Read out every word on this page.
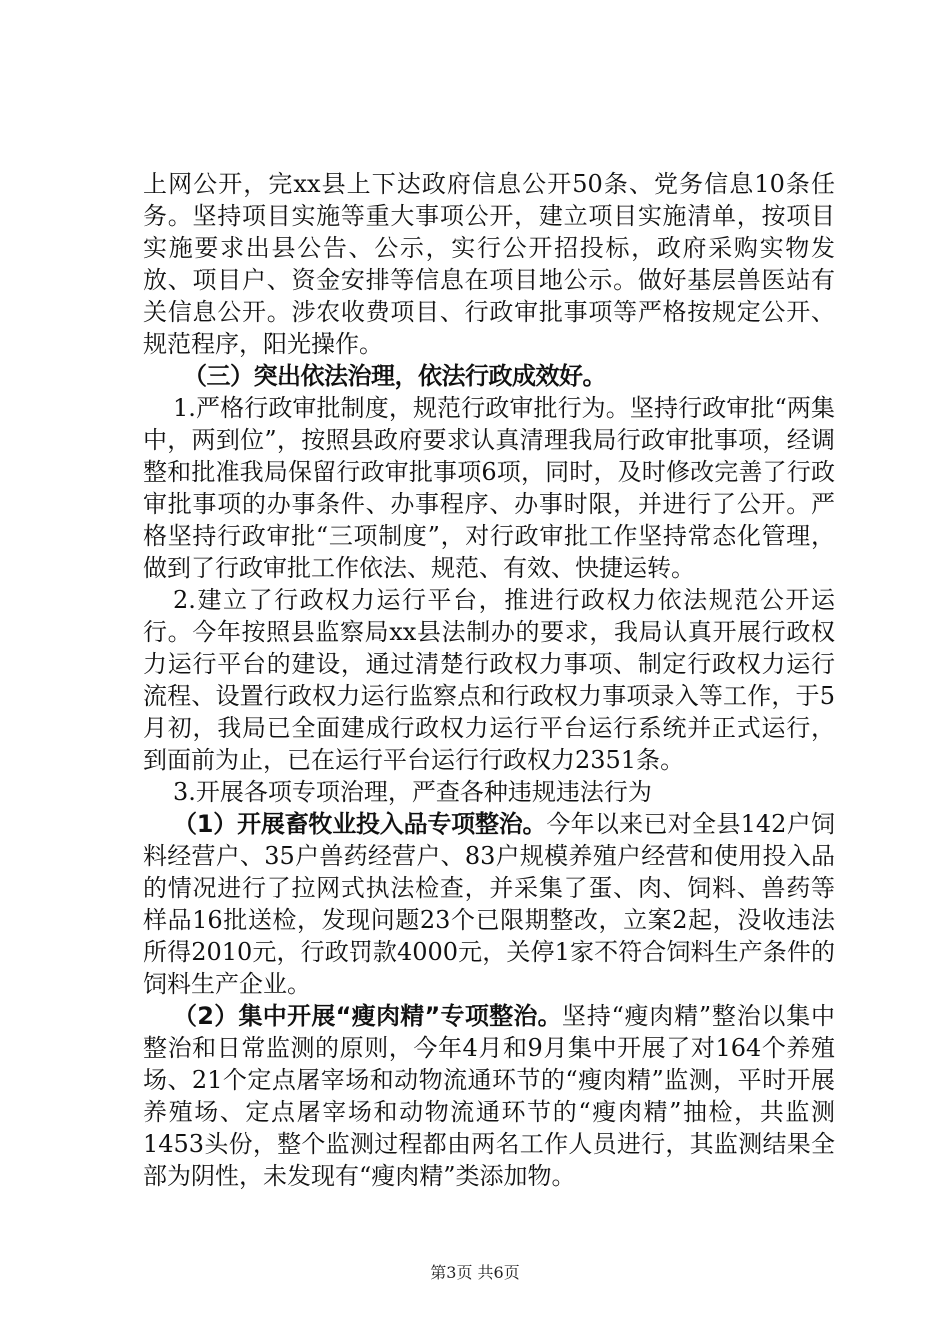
上网公开，完xx县上下达政府信息公开50条、党务信息10条任务。坚持项目实施等重大事项公开，建立项目实施清单，按项目实施要求出县公告、公示，实行公开招投标，政府采购实物发放、项目户、资金安排等信息在项目地公示。做好基层兽医站有关信息公开。涉农收费项目、行政审批事项等严格按规定公开、规范程序，阳光操作。

（三）突出依法治理，依法行政成效好。

1.严格行政审批制度，规范行政审批行为。坚持行政审批“两集中，两到位”，按照县政府要求认真清理我局行政审批事项，经调整和批准我局保留行政审批事项6项，同时，及时修改完善了行政审批事项的办事条件、办事程序、办事时限，并进行了公开。严格坚持行政审批“三项制度”，对行政审批工作坚持常态化管理，做到了行政审批工作依法、规范、有效、快捷运转。

2.建立了行政权力运行平台，推进行政权力依法规范公开运行。今年按照县监察局xx县法制办的要求，我局认真开展行政权力运行平台的建设，通过清楚行政权力事项、制定行政权力运行流程、设置行政权力运行监察点和行政权力事项录入等工作，于5月初，我局已全面建成行政权力运行平台运行系统并正式运行，到面前为止，已在运行平台运行行政权力2351条。

3.开展各项专项治理，严查各种违规违法行为

（1）开展畜牧业投入品专项整治。今年以来已对全县142户饲料经营户、35户兽药经营户、83户规模养殖户经营和使用投入品的情况进行了拉网式执法检查，并采集了蛋、肉、饲料、兽药等样品16批送检，发现问题23个已限期整改，立案2起，没收违法所得2010元，行政罚款4000元，关停1家不符合饲料生产条件的饲料生产企业。

（2）集中开展“瘦肉精”专项整治。坚持“瘦肉精”整治以集中整治和日常监测的原则，今年4月和9月集中开展了对164个养殖场、21个定点屠宰场和动物流通环节的“瘦肉精”监测，平时开展养殖场、定点屠宰场和动物流通环节的“瘦肉精”抽检，共监测1453头份，整个监测过程都由两名工作人员进行，其监测结果全部为阴性，未发现有“瘦肉精”类添加物。

第3页 共6页
